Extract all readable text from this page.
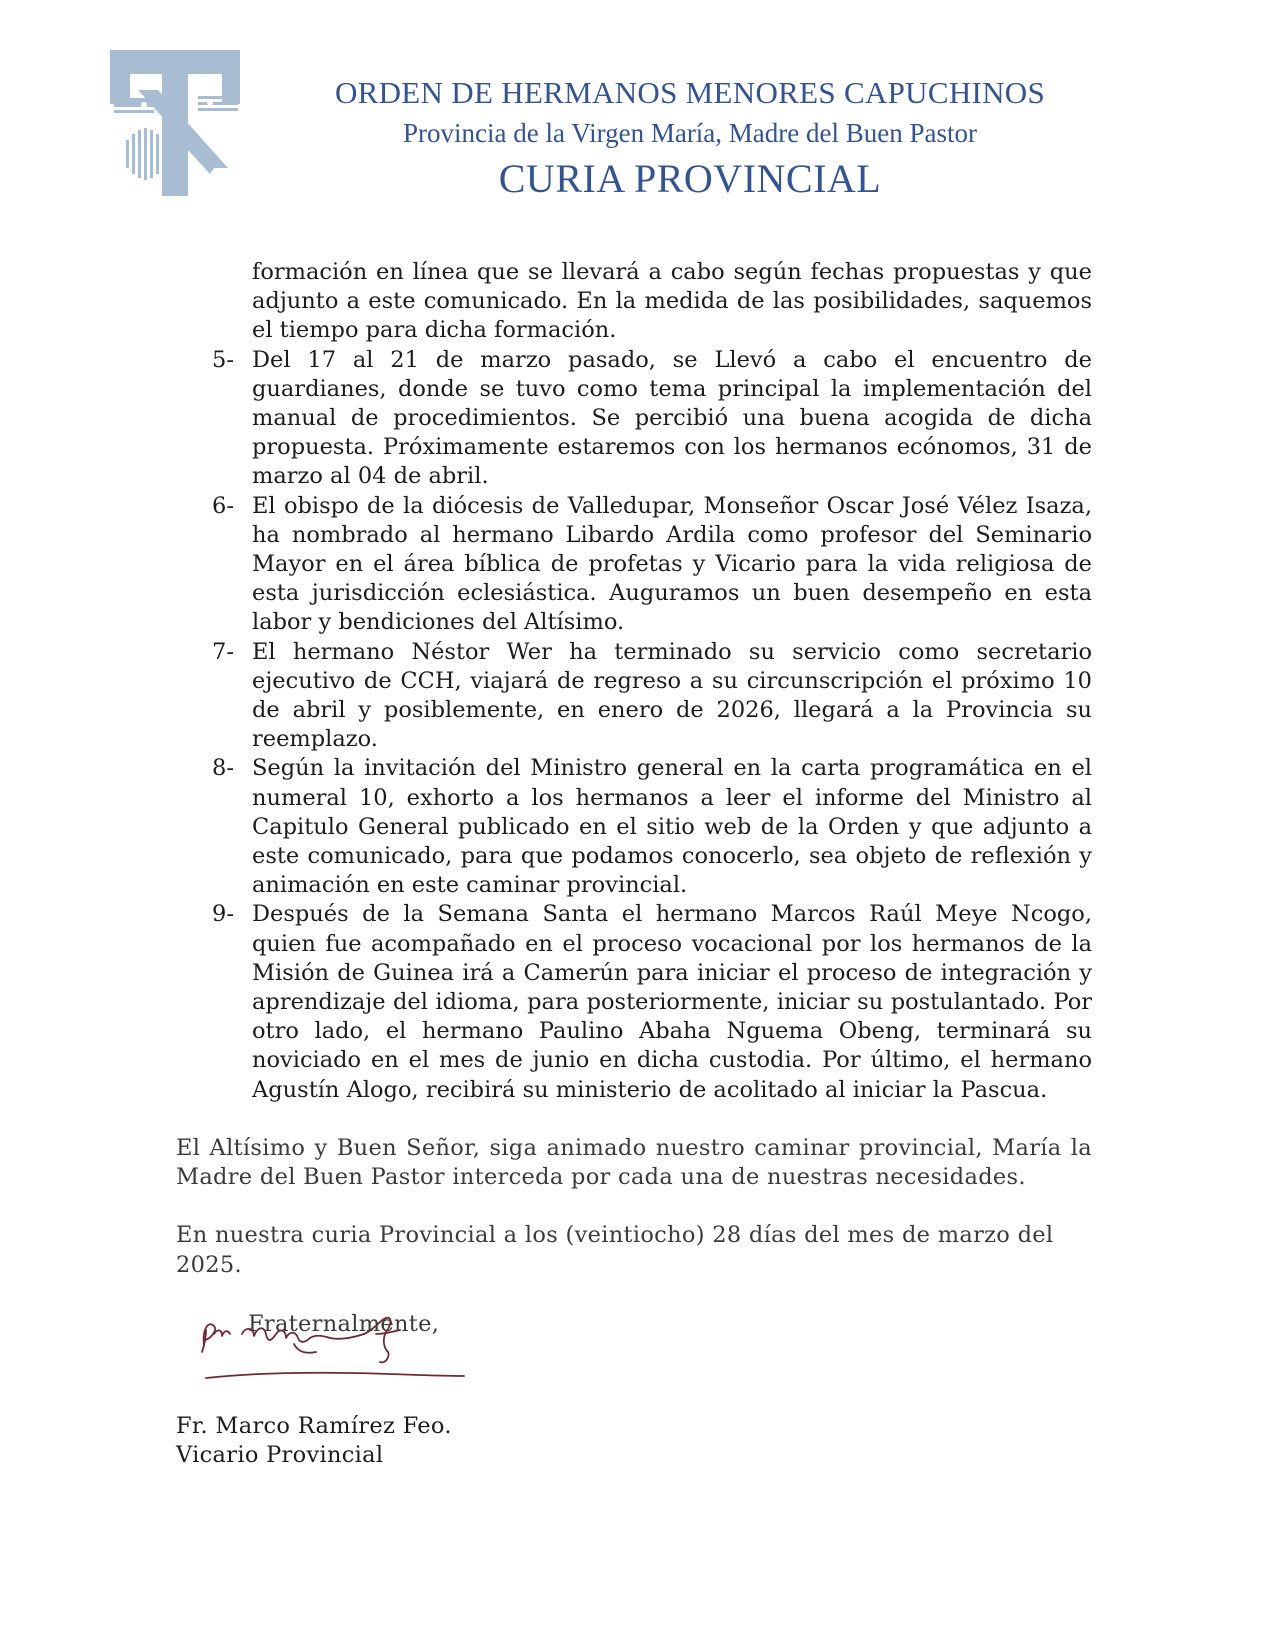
ORDEN DE HERMANOS MENORES CAPUCHINOS
Provincia de la Virgen María, Madre del Buen Pastor
CURIA PROVINCIAL
formación en línea que se llevará a cabo según fechas propuestas y que adjunto a este comunicado. En la medida de las posibilidades, saquemos el tiempo para dicha formación.
5- Del 17 al 21 de marzo pasado, se Llevó a cabo el encuentro de guardianes, donde se tuvo como tema principal la implementación del manual de procedimientos. Se percibió una buena acogida de dicha propuesta. Próximamente estaremos con los hermanos ecónomos, 31 de marzo al 04 de abril.
6- El obispo de la diócesis de Valledupar, Monseñor Oscar José Vélez Isaza, ha nombrado al hermano Libardo Ardila como profesor del Seminario Mayor en el área bíblica de profetas y Vicario para la vida religiosa de esta jurisdicción eclesiástica. Auguramos un buen desempeño en esta labor y bendiciones del Altísimo.
7- El hermano Néstor Wer ha terminado su servicio como secretario ejecutivo de CCH, viajará de regreso a su circunscripción el próximo 10 de abril y posiblemente, en enero de 2026, llegará a la Provincia su reemplazo.
8- Según la invitación del Ministro general en la carta programática en el numeral 10, exhorto a los hermanos a leer el informe del Ministro al Capitulo General publicado en el sitio web de la Orden y que adjunto a este comunicado, para que podamos conocerlo, sea objeto de reflexión y animación en este caminar provincial.
9- Después de la Semana Santa el hermano Marcos Raúl Meye Ncogo, quien fue acompañado en el proceso vocacional por los hermanos de la Misión de Guinea irá a Camerún para iniciar el proceso de integración y aprendizaje del idioma, para posteriormente, iniciar su postulantado. Por otro lado, el hermano Paulino Abaha Nguema Obeng, terminará su noviciado en el mes de junio en dicha custodia. Por último, el hermano Agustín Alogo, recibirá su ministerio de acolitado al iniciar la Pascua.
El Altísimo y Buen Señor, siga animado nuestro caminar provincial, María la Madre del Buen Pastor interceda por cada una de nuestras necesidades.
En nuestra curia Provincial a los (veintiocho) 28 días del mes de marzo del 2025.
Fraternalmente,
Fr. Marco Ramírez Feo.
Vicario Provincial
